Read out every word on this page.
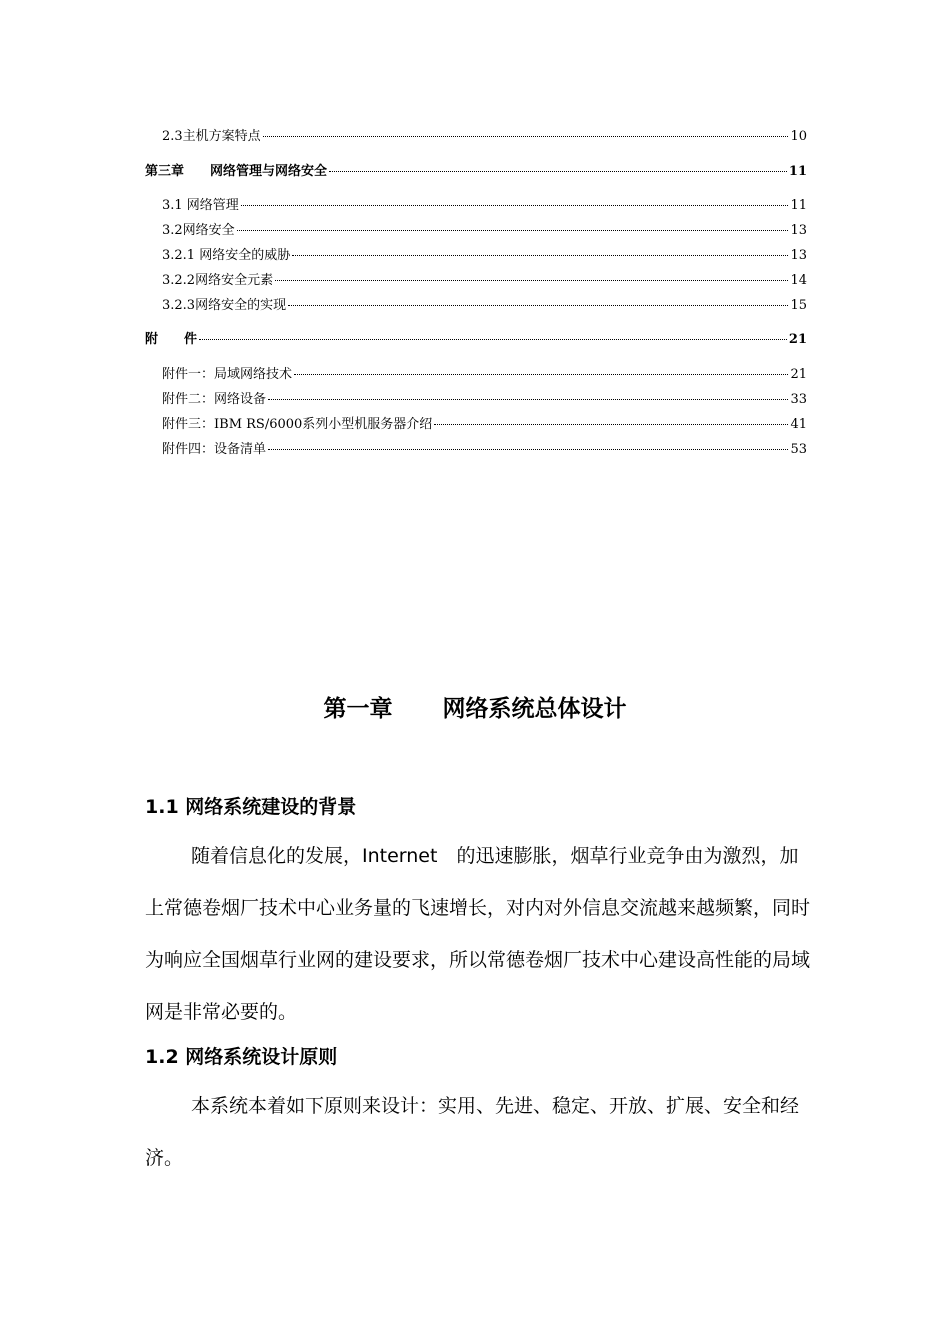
2.3主机方案特点	10
第三章　　网络管理与网络安全	11
3.1 网络管理	11
3.2网络安全	13
3.2.1 网络安全的威胁	13
3.2.2网络安全元素	14
3.2.3网络安全的实现	15
附　　件	21
附件一：局域网络技术	21
附件二：网络设备	33
附件三：IBM RS/6000系列小型机服务器介绍	41
附件四：设备清单	53
第一章 网络系统总体设计
1.1 网络系统建设的背景
随着信息化的发展，Internet　的迅速膨胀，烟草行业竞争由为激烈，加上常德卷烟厂技术中心业务量的飞速增长，对内对外信息交流越来越频繁，同时为响应全国烟草行业网的建设要求，所以常德卷烟厂技术中心建设高性能的局域网是非常必要的。
1.2 网络系统设计原则
本系统本着如下原则来设计：实用、先进、稳定、开放、扩展、安全和经济。
